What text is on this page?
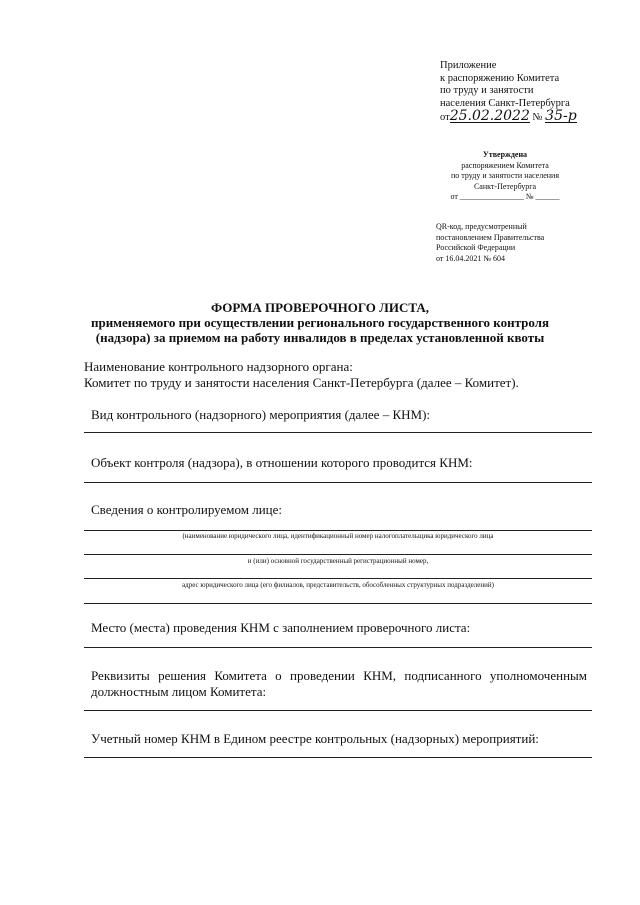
Приложение
к распоряжению Комитета
по труду и занятости
населения Санкт-Петербурга
от25.02.2022 № 35-р
Утверждена
распоряжением Комитета
по труду и занятости населения
Санкт-Петербурга
от ________________ № ______
QR-код, предусмотренный
постановлением Правительства
Российской Федерации
от 16.04.2021 № 604
ФОРМА ПРОВЕРОЧНОГО ЛИСТА,
применяемого при осуществлении регионального государственного контроля
(надзора) за приемом на работу инвалидов в пределах установленной квоты
Наименование контрольного надзорного органа:
Комитет по труду и занятости населения Санкт-Петербурга (далее – Комитет).
Вид контрольного (надзорного) мероприятия (далее – КНМ):
Объект контроля (надзора), в отношении которого проводится КНМ:
Сведения о контролируемом лице:
(наименование юридического лица, идентификационный номер налогоплательщика юридического лица
и (или) основной государственный регистрационный номер,
адрес юридического лица (его филиалов, представительств, обособленных структурных подразделений)
Место (места) проведения КНМ с заполнением проверочного листа:
Реквизиты решения Комитета о проведении КНМ, подписанного уполномоченным
должностным лицом Комитета:
Учетный номер КНМ в Едином реестре контрольных (надзорных) мероприятий:
